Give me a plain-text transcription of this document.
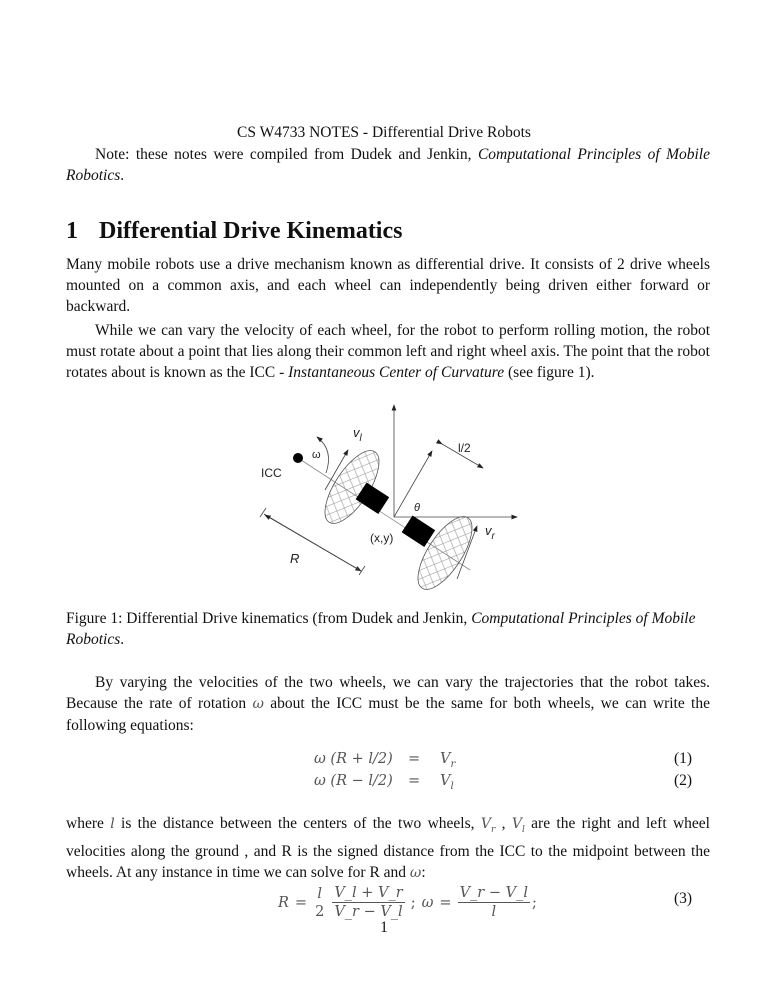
CS W4733 NOTES - Differential Drive Robots
Note: these notes were compiled from Dudek and Jenkin, Computational Principles of Mobile Robotics.
1 Differential Drive Kinematics
Many mobile robots use a drive mechanism known as differential drive. It consists of 2 drive wheels mounted on a common axis, and each wheel can independently being driven either forward or backward.
While we can vary the velocity of each wheel, for the robot to perform rolling motion, the robot must rotate about a point that lies along their common left and right wheel axis. The point that the robot rotates about is known as the ICC - Instantaneous Center of Curvature (see figure 1).
$v_l$
ω
ICC
l/2
θ
(x,y)	$v_r$
R
Figure 1: Differential Drive kinematics (from Dudek and Jenkin, Computational Principles of Mobile Robotics.
By varying the velocities of the two wheels, we can vary the trajectories that the robot takes. Because the rate of rotation ω about the ICC must be the same for both wheels, we can write the following equations:
ω $(R + l/2) = V_r$	(1)
ω $(R - l/2) = V_l$	(2)
where l is the distance between the centers of the two wheels, $V_r$ , $V_l$ are the right and left wheel velocities along the ground , and R is the signed distance from the ICC to the midpoint between the wheels. At any instance in time we can solve for R and ω:
R =
l
$2 \frac{V\_l + V\_r}{V\_r - V\_l}$ ; $\omega = \frac{V\_r - V\_l}{l}$ ;	(3)
1
